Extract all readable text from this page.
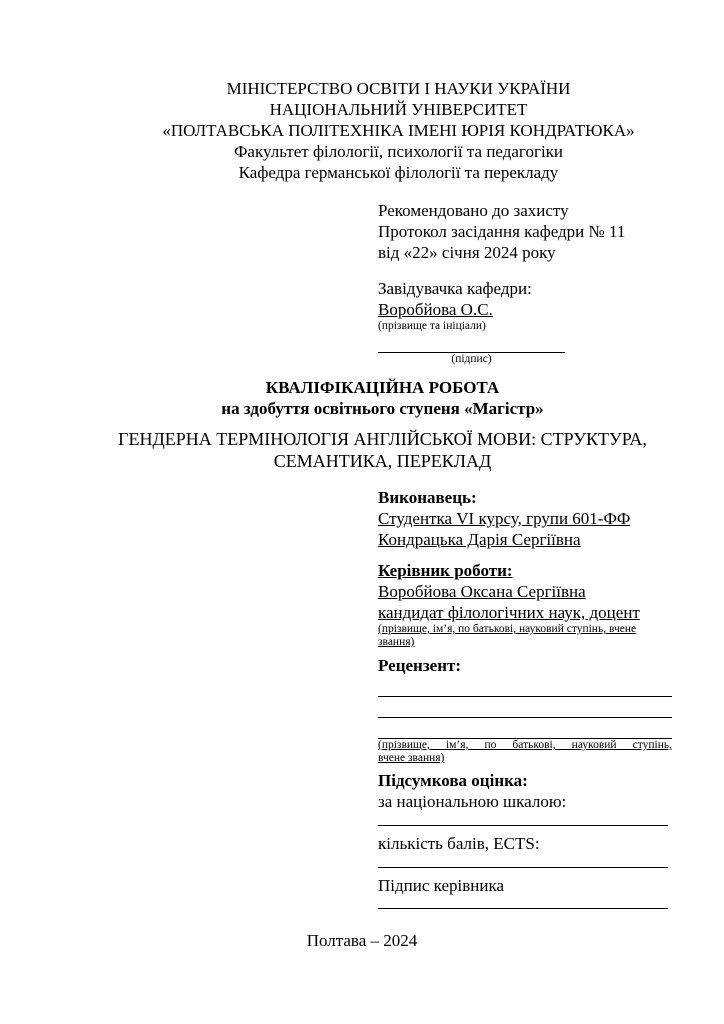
МІНІСТЕРСТВО ОСВІТИ І НАУКИ УКРАЇНИ
НАЦІОНАЛЬНИЙ УНІВЕРСИТЕТ
«ПОЛТАВСЬКА ПОЛІТЕХНІКА ІМЕНІ ЮРІЯ КОНДРАТЮКА»
Факультет філології, психології та педагогіки
Кафедра германської філології та перекладу
Рекомендовано до захисту
Протокол засідання кафедри № 11
від «22» січня 2024 року
Завідувачка кафедри:
Воробйова О.С.
(прізвище та ініціали)
(підпис)
КВАЛІФІКАЦІЙНА РОБОТА
на здобуття освітнього ступеня «Магістр»
ГЕНДЕРНА ТЕРМІНОЛОГІЯ АНГЛІЙСЬКОЇ МОВИ: СТРУКТУРА,
СЕМАНТИКА, ПЕРЕКЛАД
Виконавець:
Студентка VI курсу, групи 601-ФФ
Кондрацька Дарія Сергіївна
Керівник роботи:
Воробйова Оксана Сергіївна
кандидат філологічних наук, доцент
(прізвище, ім’я, по батькові, науковий ступінь, вчене
звання)
Рецензент:
(прізвище, ім’я, по батькові, науковий ступінь,
вчене звання)
Підсумкова оцінка:
за національною шкалою:
кількість балів, ECTS:
Підпис керівника
Полтава – 2024
